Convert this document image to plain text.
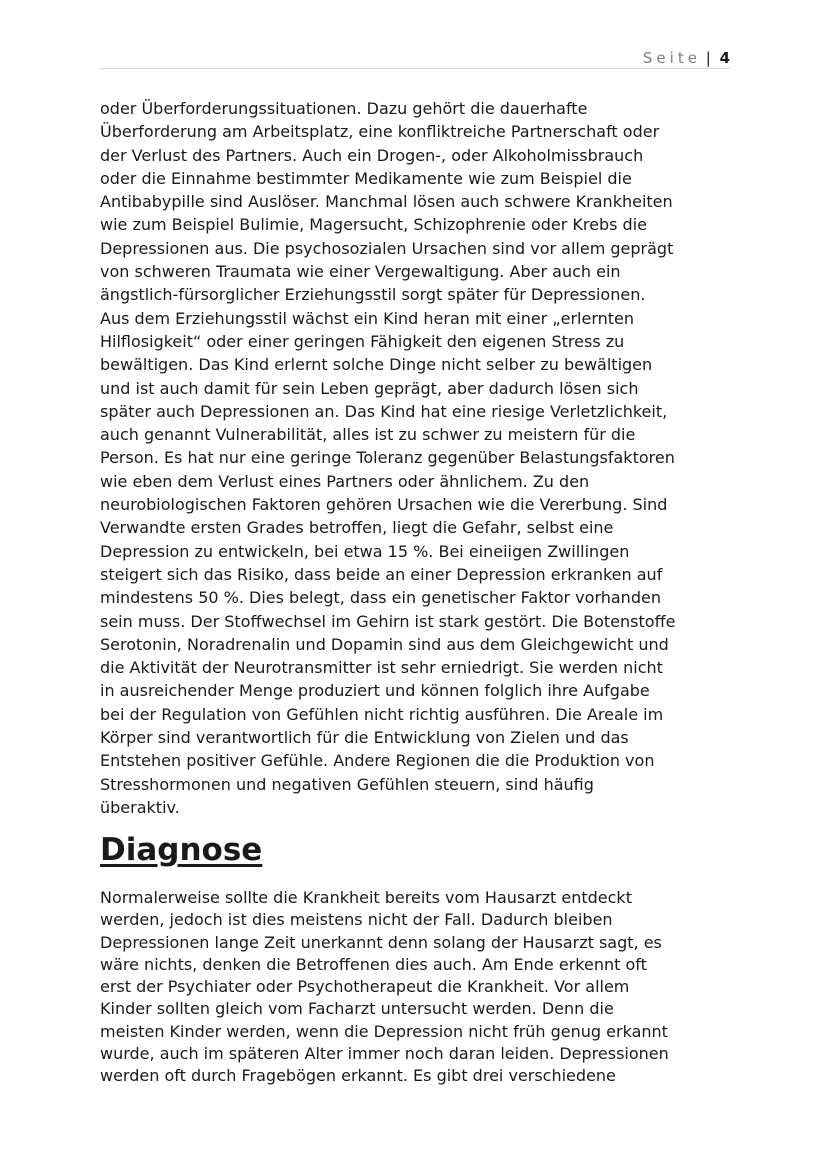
Seite | 4

oder Überforderungssituationen. Dazu gehört die dauerhafte
Überforderung am Arbeitsplatz, eine konfliktreiche Partnerschaft oder
der Verlust des Partners. Auch ein Drogen-, oder Alkoholmissbrauch
oder die Einnahme bestimmter Medikamente wie zum Beispiel die
Antibabypille sind Auslöser. Manchmal lösen auch schwere Krankheiten
wie zum Beispiel Bulimie, Magersucht, Schizophrenie oder Krebs die
Depressionen aus. Die psychosozialen Ursachen sind vor allem geprägt
von schweren Traumata wie einer Vergewaltigung. Aber auch ein
ängstlich-fürsorglicher Erziehungsstil sorgt später für Depressionen.
Aus dem Erziehungsstil wächst ein Kind heran mit einer „erlernten
Hilflosigkeit“ oder einer geringen Fähigkeit den eigenen Stress zu
bewältigen. Das Kind erlernt solche Dinge nicht selber zu bewältigen
und ist auch damit für sein Leben geprägt, aber dadurch lösen sich
später auch Depressionen an. Das Kind hat eine riesige Verletzlichkeit,
auch genannt Vulnerabilität, alles ist zu schwer zu meistern für die
Person. Es hat nur eine geringe Toleranz gegenüber Belastungsfaktoren
wie eben dem Verlust eines Partners oder ähnlichem. Zu den
neurobiologischen Faktoren gehören Ursachen wie die Vererbung. Sind
Verwandte ersten Grades betroffen, liegt die Gefahr, selbst eine
Depression zu entwickeln, bei etwa 15 %. Bei eineiigen Zwillingen
steigert sich das Risiko, dass beide an einer Depression erkranken auf
mindestens 50 %. Dies belegt, dass ein genetischer Faktor vorhanden
sein muss. Der Stoffwechsel im Gehirn ist stark gestört. Die Botenstoffe
Serotonin, Noradrenalin und Dopamin sind aus dem Gleichgewicht und
die Aktivität der Neurotransmitter ist sehr erniedrigt. Sie werden nicht
in ausreichender Menge produziert und können folglich ihre Aufgabe
bei der Regulation von Gefühlen nicht richtig ausführen. Die Areale im
Körper sind verantwortlich für die Entwicklung von Zielen und das
Entstehen positiver Gefühle. Andere Regionen die die Produktion von
Stresshormonen und negativen Gefühlen steuern, sind häufig
überaktiv.

Diagnose

Normalerweise sollte die Krankheit bereits vom Hausarzt entdeckt
werden, jedoch ist dies meistens nicht der Fall. Dadurch bleiben
Depressionen lange Zeit unerkannt denn solang der Hausarzt sagt, es
wäre nichts, denken die Betroffenen dies auch. Am Ende erkennt oft
erst der Psychiater oder Psychotherapeut die Krankheit. Vor allem
Kinder sollten gleich vom Facharzt untersucht werden. Denn die
meisten Kinder werden, wenn die Depression nicht früh genug erkannt
wurde, auch im späteren Alter immer noch daran leiden. Depressionen
werden oft durch Fragebögen erkannt. Es gibt drei verschiedene
